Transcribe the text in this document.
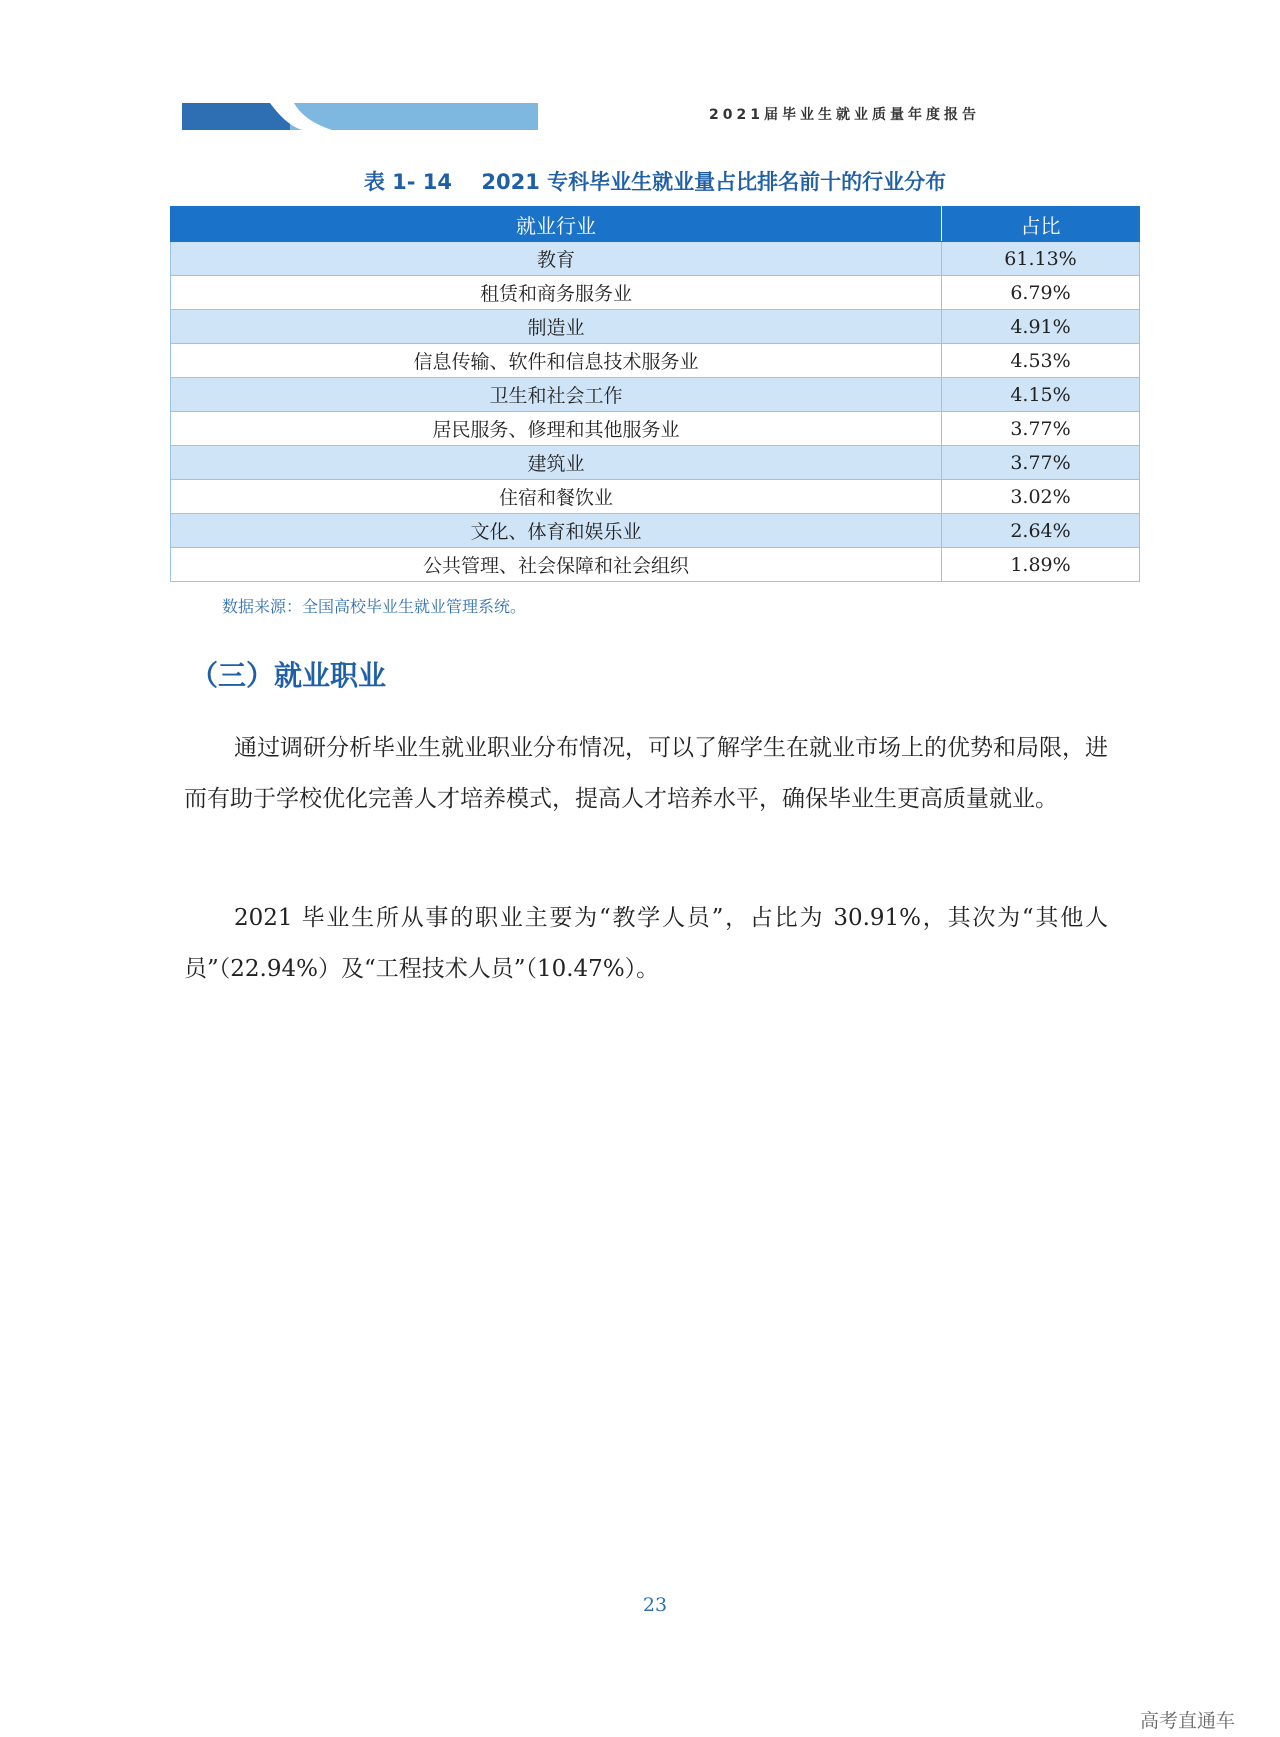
2021届毕业生就业质量年度报告
表 1- 14 2021 专科毕业生就业量占比排名前十的行业分布
就业行业	占比
教育	61.13%
租赁和商务服务业	6.79%
制造业	4.91%
信息传输、软件和信息技术服务业	4.53%
卫生和社会工作	4.15%
居民服务、修理和其他服务业	3.77%
建筑业	3.77%
住宿和餐饮业	3.02%
文化、体育和娱乐业	2.64%
公共管理、社会保障和社会组织	1.89%
数据来源：全国高校毕业生就业管理系统。
（三）就业职业

通过调研分析毕业生就业职业分布情况，可以了解学生在就业市场上的优势和局限，进而有助于学校优化完善人才培养模式，提高人才培养水平，确保毕业生更高质量就业。

2021 毕业生所从事的职业主要为“教学人员”，占比为 30.91%，其次为“其他人员”（22.94%）及“工程技术人员”（10.47%）。

23
高考直通车
